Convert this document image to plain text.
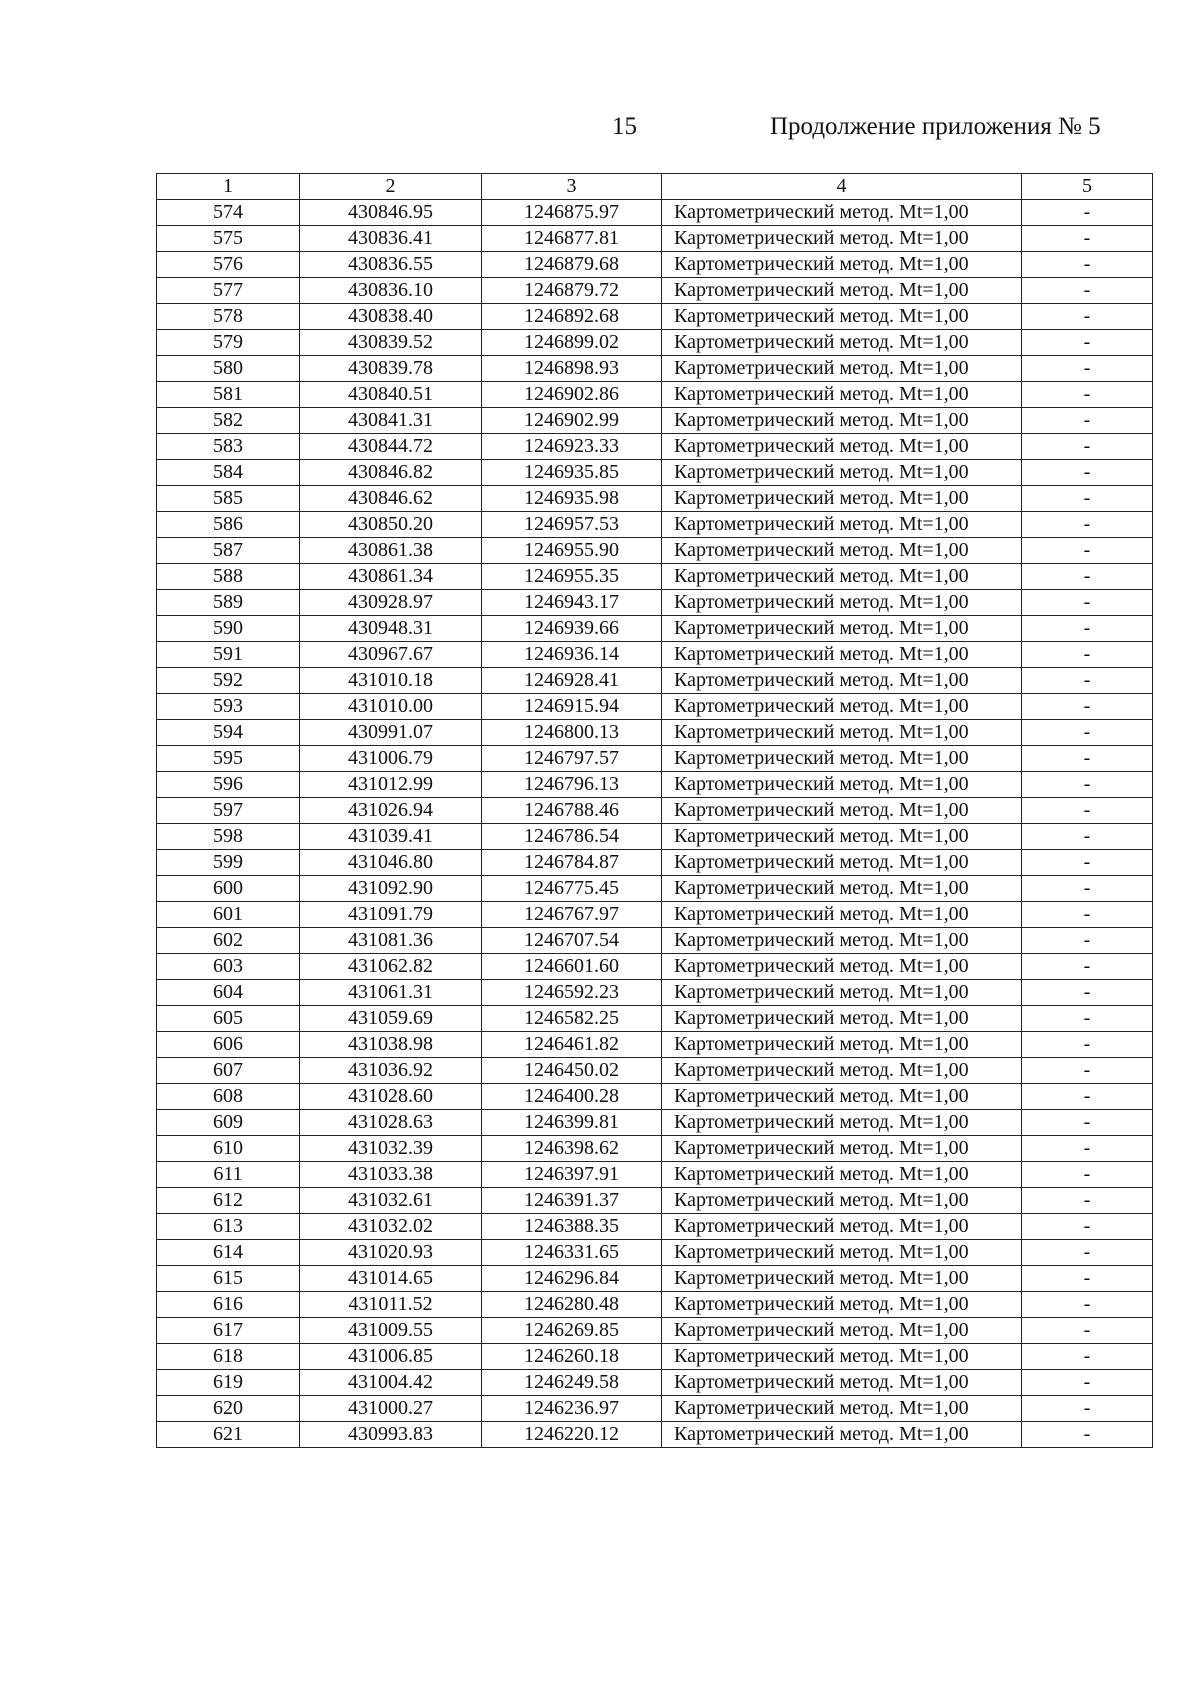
15	Продолжение приложения № 5
1	2	3	4	5
574	430846.95	1246875.97	Картометрический метод. Mt=1,00	-
575	430836.41	1246877.81	Картометрический метод. Mt=1,00	-
576	430836.55	1246879.68	Картометрический метод. Mt=1,00	-
577	430836.10	1246879.72	Картометрический метод. Mt=1,00	-
578	430838.40	1246892.68	Картометрический метод. Mt=1,00	-
579	430839.52	1246899.02	Картометрический метод. Mt=1,00	-
580	430839.78	1246898.93	Картометрический метод. Mt=1,00	-
581	430840.51	1246902.86	Картометрический метод. Mt=1,00	-
582	430841.31	1246902.99	Картометрический метод. Mt=1,00	-
583	430844.72	1246923.33	Картометрический метод. Mt=1,00	-
584	430846.82	1246935.85	Картометрический метод. Mt=1,00	-
585	430846.62	1246935.98	Картометрический метод. Mt=1,00	-
586	430850.20	1246957.53	Картометрический метод. Mt=1,00	-
587	430861.38	1246955.90	Картометрический метод. Mt=1,00	-
588	430861.34	1246955.35	Картометрический метод. Mt=1,00	-
589	430928.97	1246943.17	Картометрический метод. Mt=1,00	-
590	430948.31	1246939.66	Картометрический метод. Mt=1,00	-
591	430967.67	1246936.14	Картометрический метод. Mt=1,00	-
592	431010.18	1246928.41	Картометрический метод. Mt=1,00	-
593	431010.00	1246915.94	Картометрический метод. Mt=1,00	-
594	430991.07	1246800.13	Картометрический метод. Mt=1,00	-
595	431006.79	1246797.57	Картометрический метод. Mt=1,00	-
596	431012.99	1246796.13	Картометрический метод. Mt=1,00	-
597	431026.94	1246788.46	Картометрический метод. Mt=1,00	-
598	431039.41	1246786.54	Картометрический метод. Mt=1,00	-
599	431046.80	1246784.87	Картометрический метод. Mt=1,00	-
600	431092.90	1246775.45	Картометрический метод. Mt=1,00	-
601	431091.79	1246767.97	Картометрический метод. Mt=1,00	-
602	431081.36	1246707.54	Картометрический метод. Mt=1,00	-
603	431062.82	1246601.60	Картометрический метод. Mt=1,00	-
604	431061.31	1246592.23	Картометрический метод. Mt=1,00	-
605	431059.69	1246582.25	Картометрический метод. Mt=1,00	-
606	431038.98	1246461.82	Картометрический метод. Mt=1,00	-
607	431036.92	1246450.02	Картометрический метод. Mt=1,00	-
608	431028.60	1246400.28	Картометрический метод. Mt=1,00	-
609	431028.63	1246399.81	Картометрический метод. Mt=1,00	-
610	431032.39	1246398.62	Картометрический метод. Mt=1,00	-
611	431033.38	1246397.91	Картометрический метод. Mt=1,00	-
612	431032.61	1246391.37	Картометрический метод. Mt=1,00	-
613	431032.02	1246388.35	Картометрический метод. Mt=1,00	-
614	431020.93	1246331.65	Картометрический метод. Mt=1,00	-
615	431014.65	1246296.84	Картометрический метод. Mt=1,00	-
616	431011.52	1246280.48	Картометрический метод. Mt=1,00	-
617	431009.55	1246269.85	Картометрический метод. Mt=1,00	-
618	431006.85	1246260.18	Картометрический метод. Mt=1,00	-
619	431004.42	1246249.58	Картометрический метод. Mt=1,00	-
620	431000.27	1246236.97	Картометрический метод. Mt=1,00	-
621	430993.83	1246220.12	Картометрический метод. Mt=1,00	-
